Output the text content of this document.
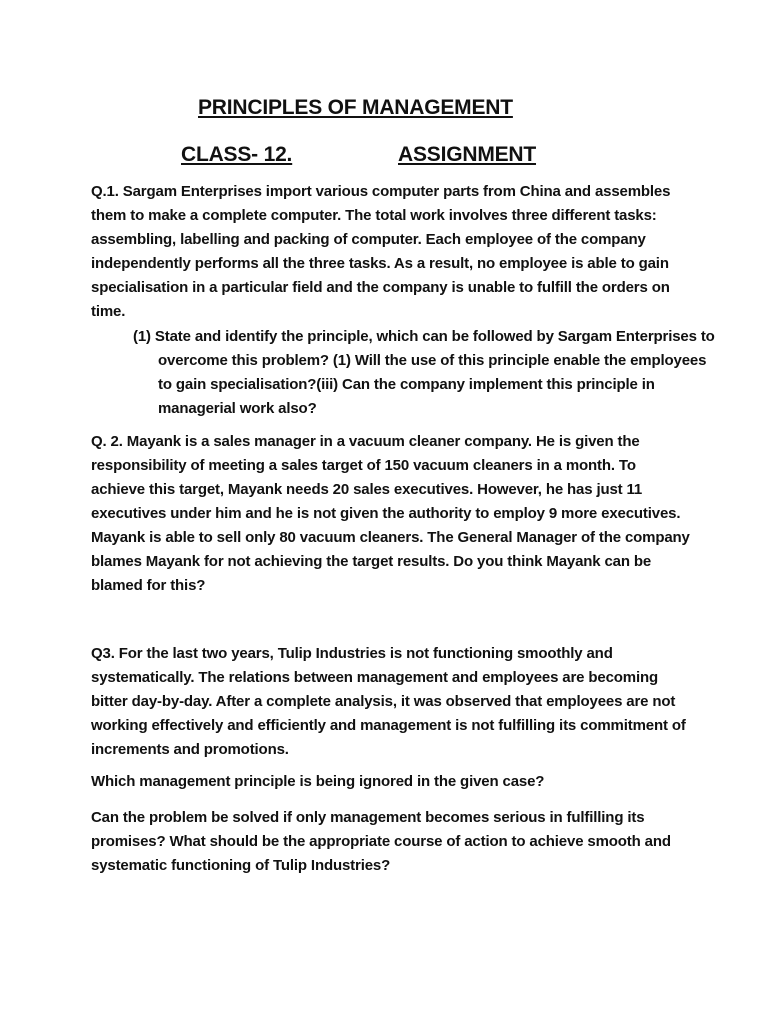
PRINCIPLES OF MANAGEMENT
CLASS- 12.	ASSIGNMENT

Q.1. Sargam Enterprises import various computer parts from China and assembles them to make a complete computer. The total work involves three different tasks: assembling, labelling and packing of computer. Each employee of the company independently performs all the three tasks. As a result, no employee is able to gain specialisation in a particular field and the company is unable to fulfill the orders on time.

(1) State and identify the principle, which can be followed by Sargam Enterprises to overcome this problem? (1) Will the use of this principle enable the employees to gain specialisation?(iii) Can the company implement this principle in managerial work also?

Q. 2. Mayank is a sales manager in a vacuum cleaner company. He is given the responsibility of meeting a sales target of 150 vacuum cleaners in a month. To achieve this target, Mayank needs 20 sales executives. However, he has just 11 executives under him and he is not given the authority to employ 9 more executives. Mayank is able to sell only 80 vacuum cleaners. The General Manager of the company blames Mayank for not achieving the target results. Do you think Mayank can be blamed for this?

Q3. For the last two years, Tulip Industries is not functioning smoothly and systematically. The relations between management and employees are becoming bitter day-by-day. After a complete analysis, it was observed that employees are not working effectively and efficiently and management is not fulfilling its commitment of increments and promotions.

Which management principle is being ignored in the given case?

Can the problem be solved if only management becomes serious in fulfilling its promises? What should be the appropriate course of action to achieve smooth and systematic functioning of Tulip Industries?
